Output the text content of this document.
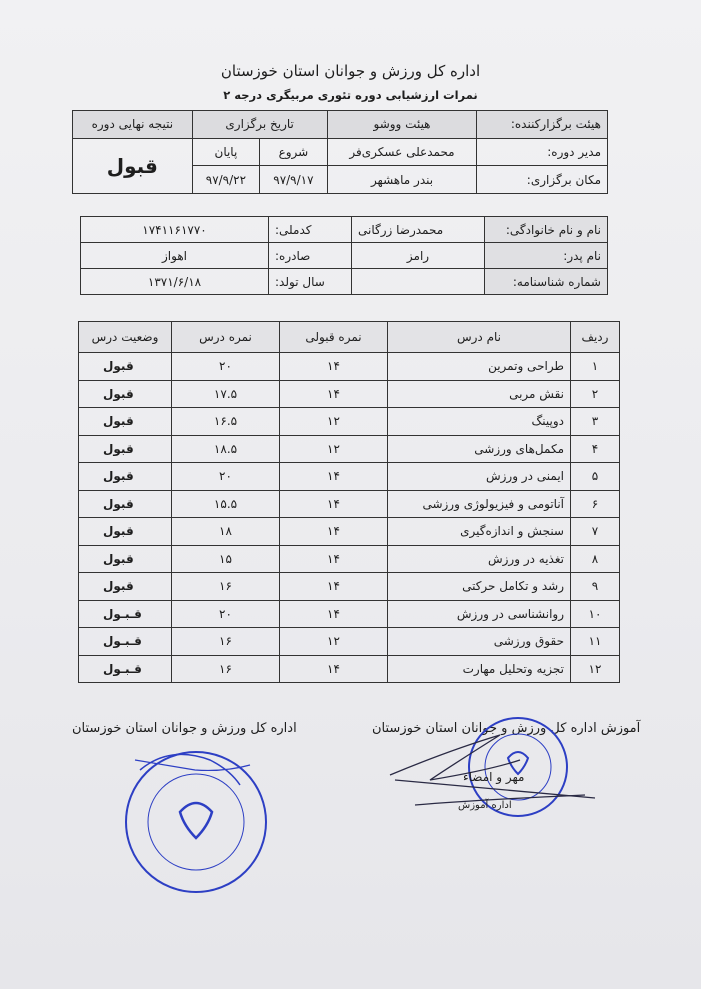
اداره کل ورزش و جوانان استان خوزستان
نمرات ارزشیابی دوره تئوری مربیگری درجه ۲
هیئت برگزارکننده:	هیئت ووشو	تاریخ برگزاری		نتیجه نهایی دوره
مدیر دوره:	محمدعلی عسکری‌فر	شروع	پایان	قبول
مکان برگزاری:	بندر ماهشهر	۹۷/۹/۱۷	۹۷/۹/۲۲	
نام و نام خانوادگی:	محمدرضا زرگانی	کدملی:	۱۷۴۱۱۶۱۷۷۰
نام پدر:	رامز	صادره:	اهواز
شماره شناسنامه:		سال تولد:	۱۳۷۱/۶/۱۸
ردیف	نام درس	نمره قبولی	نمره درس	وضعیت درس
۱	طراحی وتمرین	۱۴	۲۰	قبول
۲	نقش مربی	۱۴	۱۷.۵	قبول
۳	دوپینگ	۱۲	۱۶.۵	قبول
۴	مکمل‌های ورزشی	۱۲	۱۸.۵	قبول
۵	ایمنی در ورزش	۱۴	۲۰	قبول
۶	آناتومی و فیزیولوژی ورزشی	۱۴	۱۵.۵	قبول
۷	سنجش و اندازه‌گیری	۱۴	۱۸	قبول
۸	تغذیه در ورزش	۱۴	۱۵	قبول
۹	رشد و تکامل حرکتی	۱۴	۱۶	قبول
۱۰	روانشناسی در ورزش	۱۴	۲۰	قـبـول
۱۱	حقوق ورزشی	۱۲	۱۶	قـبـول
۱۲	تجزیه وتحلیل مهارت	۱۴	۱۶	قـبـول
اداره کل ورزش و جوانان استان خوزستان	آموزش اداره کل ورزش و جوانان استان خوزستان
مهر و امضاء
اداره آموزش
